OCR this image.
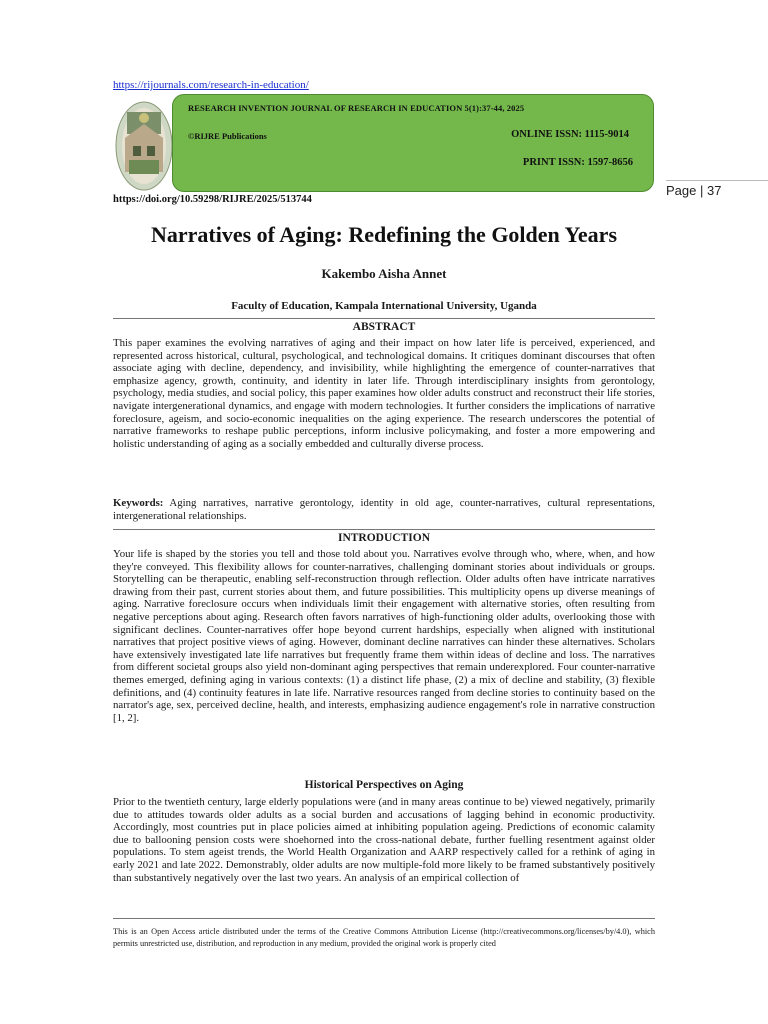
https://rijournals.com/research-in-education/
RESEARCH INVENTION JOURNAL OF RESEARCH IN EDUCATION 5(1):37-44, 2025
©RIJRE Publications	ONLINE ISSN: 1115-9014
PRINT ISSN: 1597-8656
https://doi.org/10.59298/RIJRE/2025/513744
Page | 37
Narratives of Aging: Redefining the Golden Years
Kakembo Aisha Annet
Faculty of Education, Kampala International University, Uganda
ABSTRACT
This paper examines the evolving narratives of aging and their impact on how later life is perceived, experienced, and represented across historical, cultural, psychological, and technological domains. It critiques dominant discourses that often associate aging with decline, dependency, and invisibility, while highlighting the emergence of counter-narratives that emphasize agency, growth, continuity, and identity in later life. Through interdisciplinary insights from gerontology, psychology, media studies, and social policy, this paper examines how older adults construct and reconstruct their life stories, navigate intergenerational dynamics, and engage with modern technologies. It further considers the implications of narrative foreclosure, ageism, and socio-economic inequalities on the aging experience. The research underscores the potential of narrative frameworks to reshape public perceptions, inform inclusive policymaking, and foster a more empowering and holistic understanding of aging as a socially embedded and culturally diverse process.
Keywords: Aging narratives, narrative gerontology, identity in old age, counter-narratives, cultural representations, intergenerational relationships.
INTRODUCTION
Your life is shaped by the stories you tell and those told about you. Narratives evolve through who, where, when, and how they're conveyed. This flexibility allows for counter-narratives, challenging dominant stories about individuals or groups. Storytelling can be therapeutic, enabling self-reconstruction through reflection. Older adults often have intricate narratives drawing from their past, current stories about them, and future possibilities. This multiplicity opens up diverse meanings of aging. Narrative foreclosure occurs when individuals limit their engagement with alternative stories, often resulting from negative perceptions about aging. Research often favors narratives of high-functioning older adults, overlooking those with significant declines. Counter-narratives offer hope beyond current hardships, especially when aligned with institutional narratives that project positive views of aging. However, dominant decline narratives can hinder these alternatives. Scholars have extensively investigated late life narratives but frequently frame them within ideas of decline and loss. The narratives from different societal groups also yield non-dominant aging perspectives that remain underexplored. Four counter-narrative themes emerged, defining aging in various contexts: (1) a distinct life phase, (2) a mix of decline and stability, (3) flexible definitions, and (4) continuity features in late life. Narrative resources ranged from decline stories to continuity based on the narrator's age, sex, perceived decline, health, and interests, emphasizing audience engagement's role in narrative construction [1, 2].
Historical Perspectives on Aging
Prior to the twentieth century, large elderly populations were (and in many areas continue to be) viewed negatively, primarily due to attitudes towards older adults as a social burden and accusations of lagging behind in economic productivity. Accordingly, most countries put in place policies aimed at inhibiting population ageing. Predictions of economic calamity due to ballooning pension costs were shoehorned into the cross-national debate, further fuelling resentment against older populations. To stem ageist trends, the World Health Organization and AARP respectively called for a rethink of aging in early 2021 and late 2022. Demonstrably, older adults are now multiple-fold more likely to be framed substantively positively than substantively negatively over the last two years. An analysis of an empirical collection of
This is an Open Access article distributed under the terms of the Creative Commons Attribution License (http://creativecommons.org/licenses/by/4.0), which permits unrestricted use, distribution, and reproduction in any medium, provided the original work is properly cited
